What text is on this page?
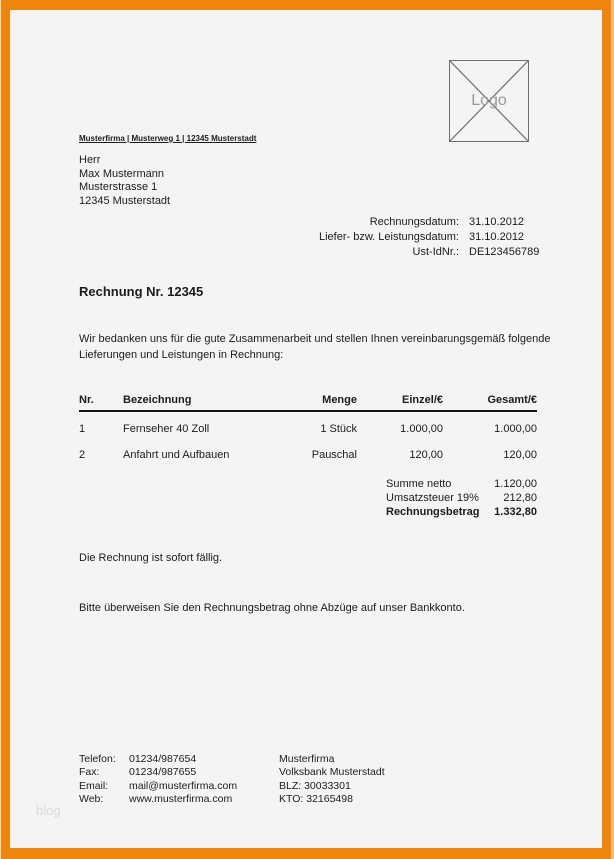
Logo
Musterfirma | Musterweg 1 | 12345 Musterstadt
Herr
Max Mustermann
Musterstrasse 1
12345 Musterstadt
Rechnungsdatum: 31.10.2012
Liefer- bzw. Leistungsdatum: 31.10.2012
Ust-IdNr.: DE123456789
Rechnung Nr. 12345
Wir bedanken uns für die gute Zusammenarbeit und stellen Ihnen vereinbarungsgemäß folgende
Lieferungen und Leistungen in Rechnung:
Nr.	Bezeichnung	Menge	Einzel/€	Gesamt/€
1	Fernseher 40 Zoll	1 Stück	1.000,00	1.000,00
2	Anfahrt und Aufbauen	Pauschal	120,00	120,00
Summe netto	1.120,00
Umsatzsteuer 19% 212,80
Rechnungsbetrag 1.332,80
Die Rechnung ist sofort fällig.
Bitte überweisen Sie den Rechnungsbetrag ohne Abzüge auf unser Bankkonto.
Telefon:	01234/987654
Fax:	01234/987655
Email:	mail@musterfirma.com
Web:	www.musterfirma.com
Musterfirma
Volksbank Musterstadt
BLZ: 30033301
KTO: 32165498
blog
